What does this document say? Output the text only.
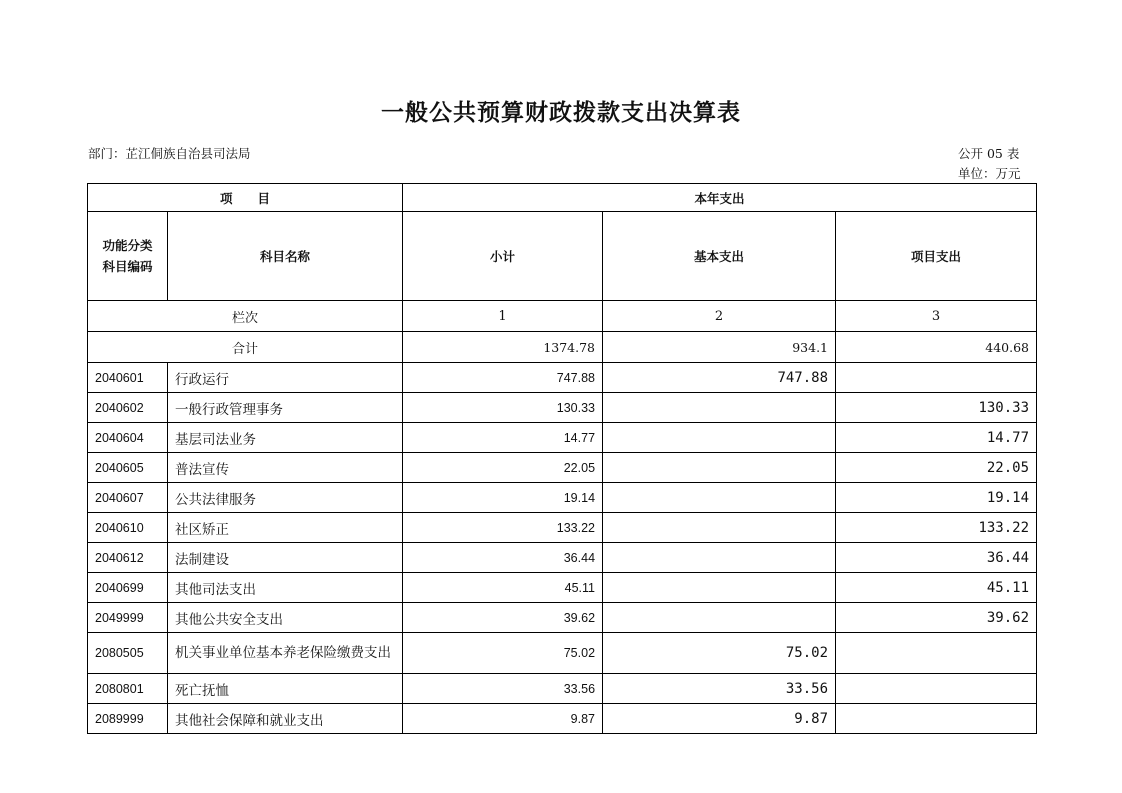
一般公共预算财政拨款支出决算表
部门：芷江侗族自治县司法局	公开 05 表
单位：万元
项　　目		本年支出		
功能分类
科目编码	科目名称	小计	基本支出	项目支出
栏次		1	2	3
合计		1374.78	934.1	440.68
2040601	行政运行	747.88	747.88	
2040602	一般行政管理事务	130.33		130.33
2040604	基层司法业务	14.77		14.77
2040605	普法宣传	22.05		22.05
2040607	公共法律服务	19.14		19.14
2040610	社区矫正	133.22		133.22
2040612	法制建设	36.44		36.44
2040699	其他司法支出	45.11		45.11
2049999	其他公共安全支出	39.62		39.62
2080505	机关事业单位基本养老保险缴费支出	75.02	75.02	
2080801	死亡抚恤	33.56	33.56	
2089999	其他社会保障和就业支出	9.87	9.87	
